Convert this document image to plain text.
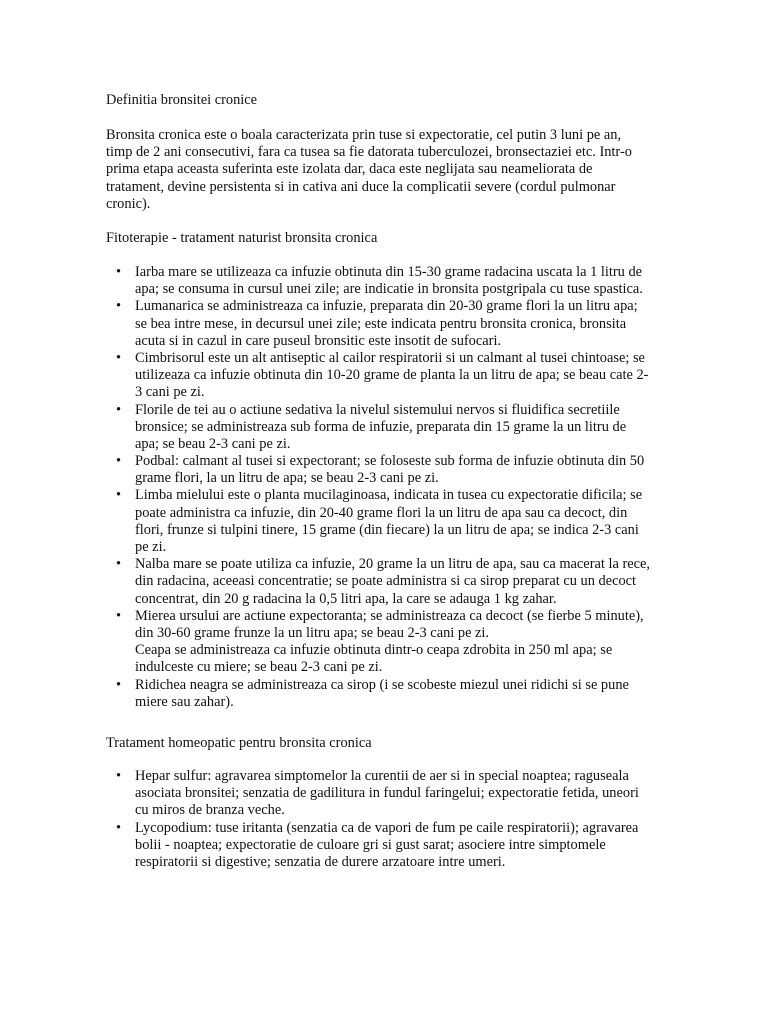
Definitia bronsitei cronice
Bronsita cronica este o boala caracterizata prin tuse si expectoratie, cel putin 3 luni pe an,
timp de 2 ani consecutivi, fara ca tusea sa fie datorata tuberculozei, bronsectaziei etc. Intr-o
prima etapa aceasta suferinta este izolata dar, daca este neglijata sau neameliorata de
tratament, devine persistenta si in cativa ani duce la complicatii severe (cordul pulmonar
cronic).
Fitoterapie - tratament naturist bronsita cronica
• Iarba mare se utilizeaza ca infuzie obtinuta din 15-30 grame radacina uscata la 1 litru de
apa; se consuma in cursul unei zile; are indicatie in bronsita postgripala cu tuse spastica.
• Lumanarica se administreaza ca infuzie, preparata din 20-30 grame flori la un litru apa;
se bea intre mese, in decursul unei zile; este indicata pentru bronsita cronica, bronsita
acuta si in cazul in care puseul bronsitic este insotit de sufocari.
• Cimbrisorul este un alt antiseptic al cailor respiratorii si un calmant al tusei chintoase; se
utilizeaza ca infuzie obtinuta din 10-20 grame de planta la un litru de apa; se beau cate 2-
3 cani pe zi.
• Florile de tei au o actiune sedativa la nivelul sistemului nervos si fluidifica secretiile
bronsice; se administreaza sub forma de infuzie, preparata din 15 grame la un litru de
apa; se beau 2-3 cani pe zi.
• Podbal: calmant al tusei si expectorant; se foloseste sub forma de infuzie obtinuta din 50
grame flori, la un litru de apa; se beau 2-3 cani pe zi.
• Limba mielului este o planta mucilaginoasa, indicata in tusea cu expectoratie dificila; se
poate administra ca infuzie, din 20-40 grame flori la un litru de apa sau ca decoct, din
flori, frunze si tulpini tinere, 15 grame (din fiecare) la un litru de apa; se indica 2-3 cani
pe zi.
• Nalba mare se poate utiliza ca infuzie, 20 grame la un litru de apa, sau ca macerat la rece,
din radacina, aceeasi concentratie; se poate administra si ca sirop preparat cu un decoct
concentrat, din 20 g radacina la 0,5 litri apa, la care se adauga 1 kg zahar.
• Mierea ursului are actiune expectoranta; se administreaza ca decoct (se fierbe 5 minute),
din 30-60 grame frunze la un litru apa; se beau 2-3 cani pe zi.
Ceapa se administreaza ca infuzie obtinuta dintr-o ceapa zdrobita in 250 ml apa; se
indulceste cu miere; se beau 2-3 cani pe zi.
• Ridichea neagra se administreaza ca sirop (i se scobeste miezul unei ridichi si se pune
miere sau zahar).
Tratament homeopatic pentru bronsita cronica
• Hepar sulfur: agravarea simptomelor la curentii de aer si in special noaptea; raguseala
asociata bronsitei; senzatia de gadilitura in fundul faringelui; expectoratie fetida, uneori
cu miros de branza veche.
• Lycopodium: tuse iritanta (senzatia ca de vapori de fum pe caile respiratorii); agravarea
bolii - noaptea; expectoratie de culoare gri si gust sarat; asociere intre simptomele
respiratorii si digestive; senzatia de durere arzatoare intre umeri.
